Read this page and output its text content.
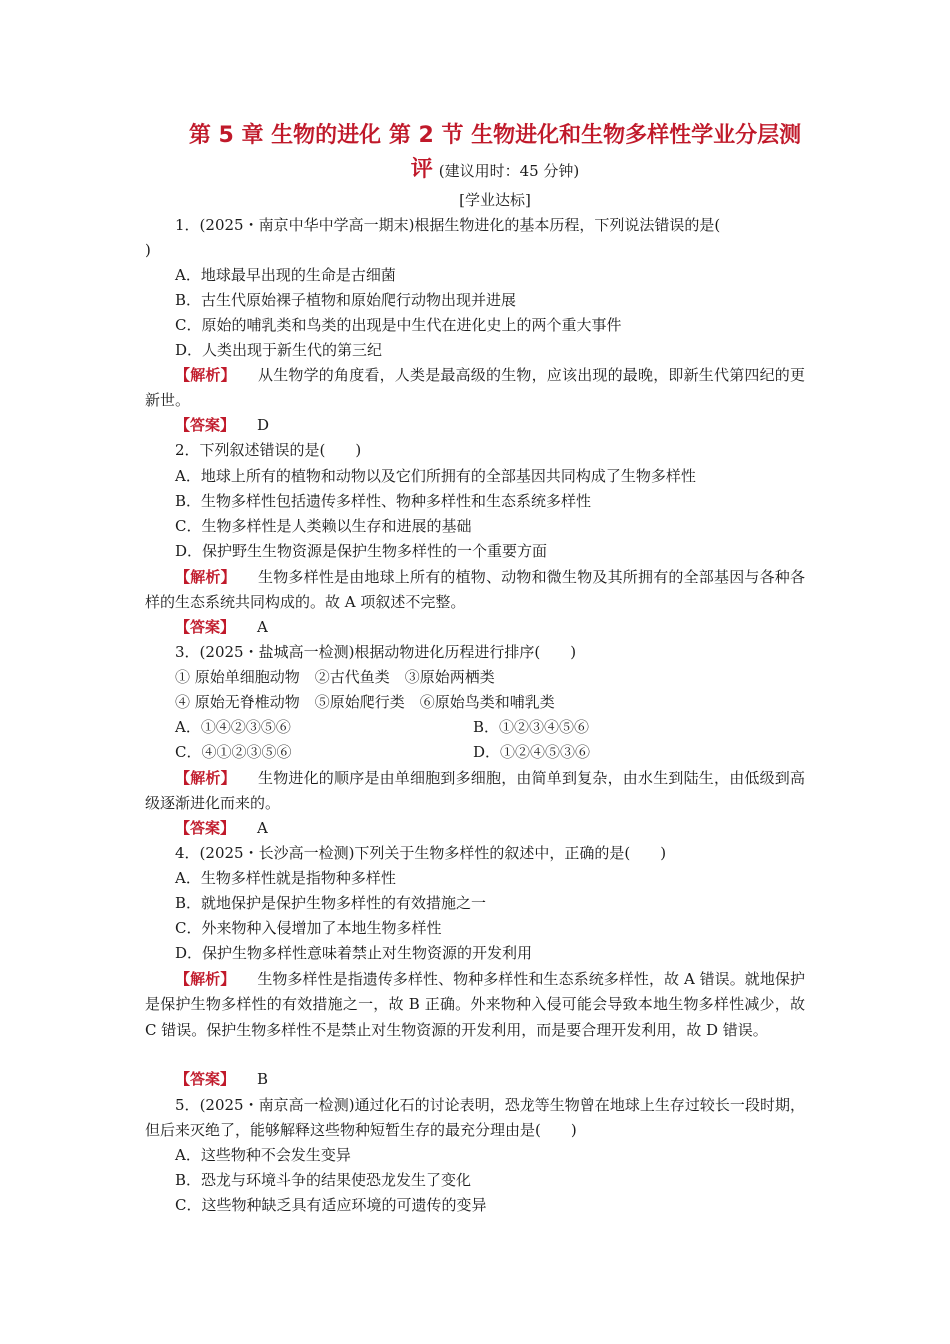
第 5 章 生物的进化 第 2 节 生物进化和生物多样性学业分层测
评 (建议用时：45 分钟)
[学业达标]
1．(2025・南京中华中学高一期末)根据生物进化的基本历程，下列说法错误的是(
)
A．地球最早出现的生命是古细菌
B．古生代原始裸子植物和原始爬行动物出现并进展
C．原始的哺乳类和鸟类的出现是中生代在进化史上的两个重大事件
D．人类出现于新生代的第三纪
【解析】 从生物学的角度看，人类是最高级的生物，应该出现的最晚，即新生代第四纪的更新世。
【答案】 D
2．下列叙述错误的是(　　)
A．地球上所有的植物和动物以及它们所拥有的全部基因共同构成了生物多样性
B．生物多样性包括遗传多样性、物种多样性和生态系统多样性
C．生物多样性是人类赖以生存和进展的基础
D．保护野生生物资源是保护生物多样性的一个重要方面
【解析】 生物多样性是由地球上所有的植物、动物和微生物及其所拥有的全部基因与各种各样的生态系统共同构成的。故 A 项叙述不完整。
【答案】 A
3．(2025・盐城高一检测)根据动物进化历程进行排序(　　)
① 原始单细胞动物　②古代鱼类　③原始两栖类
④ 原始无脊椎动物　⑤原始爬行类　⑥原始鸟类和哺乳类
A．①④②③⑤⑥	B．①②③④⑤⑥
C．④①②③⑤⑥	D．①②④⑤③⑥
【解析】 生物进化的顺序是由单细胞到多细胞，由简单到复杂，由水生到陆生，由低级到高级逐渐进化而来的。
【答案】 A
4．(2025・长沙高一检测)下列关于生物多样性的叙述中，正确的是(　　)
A．生物多样性就是指物种多样性
B．就地保护是保护生物多样性的有效措施之一
C．外来物种入侵增加了本地生物多样性
D．保护生物多样性意味着禁止对生物资源的开发利用
【解析】 生物多样性是指遗传多样性、物种多样性和生态系统多样性，故 A 错误。就地保护是保护生物多样性的有效措施之一，故 B 正确。外来物种入侵可能会导致本地生物多样性减少，故 C 错误。保护生物多样性不是禁止对生物资源的开发利用，而是要合理开发利用，故 D 错误。
【答案】 B
5．(2025・南京高一检测)通过化石的讨论表明，恐龙等生物曾在地球上生存过较长一段时期，但后来灭绝了，能够解释这些物种短暂生存的最充分理由是(　　)
A．这些物种不会发生变异
B．恐龙与环境斗争的结果使恐龙发生了变化
C．这些物种缺乏具有适应环境的可遗传的变异
